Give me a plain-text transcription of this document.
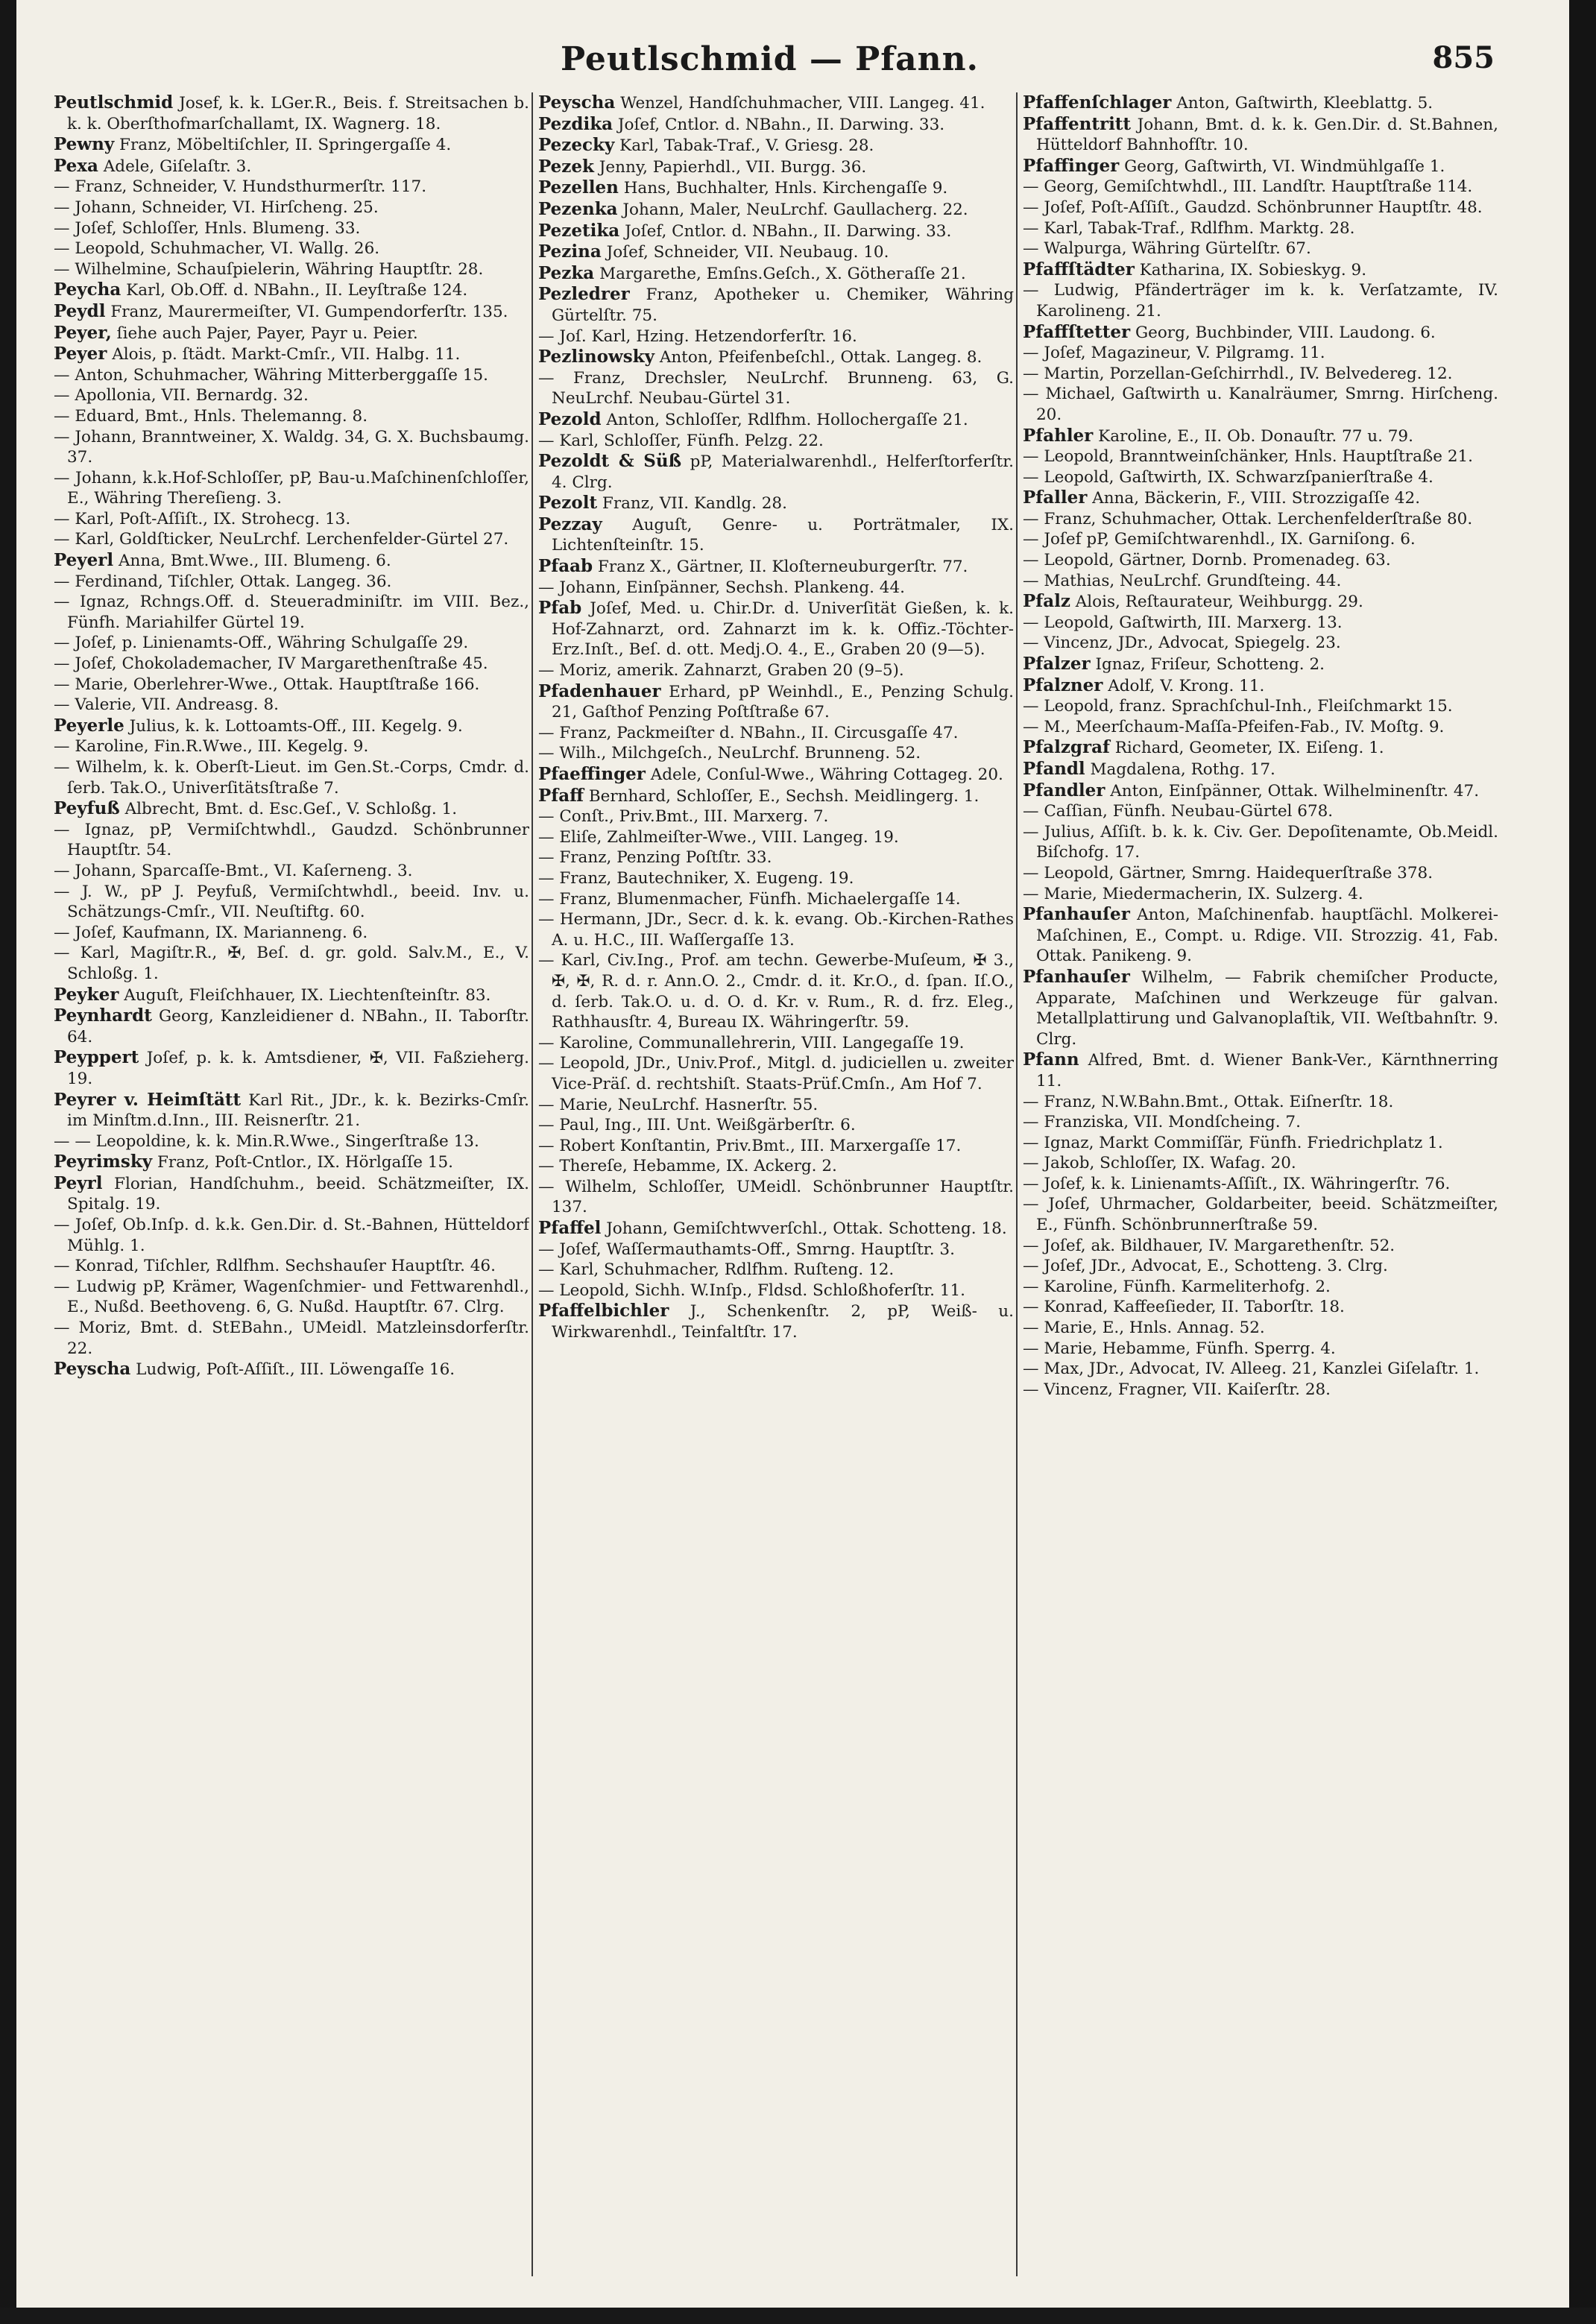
Peutlschmid — Pfann.	855

Peutlschmid Josef, k. k. LGer.R., Beis. f. Streitsachen b. k. k. Oberſthofmarſchallamt, IX. Wagnerg. 18.

Pewny Franz, Möbeltiſchler, II. Springergaſſe 4.

Pexa Adele, Giſelaſtr. 3.

— Franz, Schneider, V. Hundsthurmerſtr. 117.

— Johann, Schneider, VI. Hirſcheng. 25.

— Joſef, Schloſſer, Hnls. Blumeng. 33.

— Leopold, Schuhmacher, VI. Wallg. 26.

— Wilhelmine, Schauſpielerin, Währing Hauptſtr. 28.

Peycha Karl, Ob.Off. d. NBahn., II. Leyſtraße 124.

Peydl Franz, Maurermeiſter, VI. Gumpendorferſtr. 135.

Peyer, ſiehe auch Pajer, Payer, Payr u. Peier.

Peyer Alois, p. ſtädt. Markt-Cmſr., VII. Halbg. 11.

— Anton, Schuhmacher, Währing Mitterberggaſſe 15.

— Apollonia, VII. Bernardg. 32.

— Eduard, Bmt., Hnls. Thelemanng. 8.

— Johann, Branntweiner, X. Waldg. 34, G. X. Buchsbaumg. 37.

— Johann, k.k.Hof-Schloſſer, pP, Bau-u.Maſchinenſchloſſer, E., Währing Thereſieng. 3.

— Karl, Poſt-Aſſiſt., IX. Strohecg. 13.

— Karl, Goldſticker, NeuLrchf. Lerchenfelder-Gürtel 27.

Peyerl Anna, Bmt.Wwe., III. Blumeng. 6.

— Ferdinand, Tiſchler, Ottak. Langeg. 36.

— Ignaz, Rchngs.Off. d. Steueradminiſtr. im VIII. Bez., Fünfh. Mariahilfer Gürtel 19.

— Joſef, p. Linienamts-Off., Währing Schulgaſſe 29.

— Joſef, Chokolademacher, IV Margarethenſtraße 45.

— Marie, Oberlehrer-Wwe., Ottak. Hauptſtraße 166.

— Valerie, VII. Andreasg. 8.

Peyerle Julius, k. k. Lottoamts-Off., III. Kegelg. 9.

— Karoline, Fin.R.Wwe., III. Kegelg. 9.

— Wilhelm, k. k. Oberſt-Lieut. im Gen.St.-Corps, Cmdr. d. ſerb. Tak.O., Univerſitätsſtraße 7.

Peyfuß Albrecht, Bmt. d. Esc.Geſ., V. Schloßg. 1.

— Ignaz, pP, Vermiſchtwhdl., Gaudzd. Schönbrunner Hauptſtr. 54.

— Johann, Sparcaſſe-Bmt., VI. Kaſerneng. 3.

— J. W., pP J. Peyfuß, Vermiſchtwhdl., beeid. Inv. u. Schätzungs-Cmſr., VII. Neuſtiftg. 60.

— Joſef, Kaufmann, IX. Mariannеng. 6.

— Karl, Magiſtr.R., ✠, Beſ. d. gr. gold. Salv.M., E., V. Schloßg. 1.

Peyker Auguſt, Fleiſchhauer, IX. Liechtenſteinſtr. 83.

Peynhardt Georg, Kanzleidiener d. NBahn., II. Taborſtr. 64.

Peyppert Joſef, p. k. k. Amtsdiener, ✠, VII. Faßziehеrg. 19.

Peyrer v. Heimſtätt Karl Rit., JDr., k. k. Bezirks-Cmſr. im Minſtm.d.Inn., III. Reisnerſtr. 21.

— — Leopoldine, k. k. Min.R.Wwe., Singerſtraße 13.

Peyrimsky Franz, Poſt-Cntlor., IX. Hörlgaſſe 15.

Peyrl Florian, Handſchuhm., beeid. Schätzmeiſter, IX. Spitalg. 19.

— Joſef, Ob.Inſp. d. k.k. Gen.Dir. d. St.-Bahnen, Hütteldorf Mühlg. 1.

— Konrad, Tiſchler, Rdlfhm. Sechshauſer Hauptſtr. 46.

— Ludwig pP, Krämer, Wagenſchmier- und Fettwarenhdl., E., Nußd. Beethoveng. 6, G. Nußd. Hauptſtr. 67. Clrg.

— Moriz, Bmt. d. StEBahn., UMeidl. Matzleinsdorferſtr. 22.

Peyscha Ludwig, Poſt-Aſſiſt., III. Löwengaſſe 16.

Peyscha Wenzel, Handſchuhmacher, VIII. Langeg. 41.

Pezdika Joſef, Cntlor. d. NBahn., II. Darwing. 33.

Pezecky Karl, Tabak-Traf., V. Griesg. 28.

Pezek Jenny, Papierhdl., VII. Burgg. 36.

Pezellen Hans, Buchhalter, Hnls. Kirchengaſſe 9.

Pezenka Johann, Maler, NeuLrchf. Gaullacherg. 22.

Pezetika Joſef, Cntlor. d. NBahn., II. Darwing. 33.

Pezina Joſef, Schneider, VII. Neubaug. 10.

Pezka Margarethe, Emſns.Geſch., X. Götheгaſſe 21.

Pezledrer Franz, Apotheker u. Chemiker, Währing Gürtelſtr. 75.

— Joſ. Karl, Hzing. Hetzendorferſtr. 16.

Pezlinowsky Anton, Pfeifenbeſchl., Ottak. Langeg. 8.

— Franz, Drechsler, NeuLrchf. Brunneng. 63, G. NeuLrchf. Neubau-Gürtel 31.

Pezold Anton, Schloſſer, Rdlfhm. Hollochergaſſe 21.

— Karl, Schloſſer, Fünfh. Pelzg. 22.

Pezoldt & Süß pP, Materialwarenhdl., Helferſtorferſtr. 4. Clrg.

Pezolt Franz, VII. Kandlg. 28.

Pezzay Auguſt, Genre- u. Porträtmaler, IX. Lichtenſteinſtr. 15.

Pfaab Franz X., Gärtner, II. Kloſterneuburgerſtr. 77.

— Johann, Einſpänner, Sechsh. Plankeng. 44.

Pfab Joſef, Med. u. Chir.Dr. d. Univerſität Gießen, k. k. Hof-Zahnarzt, ord. Zahnarzt im k. k. Offiz.-Töchter-Erz.Inſt., Beſ. d. ott. Medj.O. 4., E., Graben 20 (9—5).

— Moriz, amerik. Zahnarzt, Graben 20 (9–5).

Pfadenhauer Erhard, pP Weinhdl., E., Penzing Schulg. 21, Gaſthof Penzing Poſtſtraße 67.

— Franz, Packmeiſter d. NBahn., II. Circusgaſſe 47.

— Wilh., Milchgeſch., NeuLrchf. Brunneng. 52.

Pfaeffinger Adele, Conſul-Wwe., Währing Cottageg. 20.

Pfaff Bernhard, Schloſſer, E., Sechsh. Meidlingerg. 1.

— Conſt., Priv.Bmt., III. Marxerg. 7.

— Eliſe, Zahlmeiſter-Wwe., VIII. Langeg. 19.

— Franz, Penzing Poſtſtr. 33.

— Franz, Bautechniker, X. Eugeng. 19.

— Franz, Blumenmacher, Fünfh. Michaelergaſſe 14.

— Hermann, JDr., Secr. d. k. k. evang. Ob.-Kirchen-Rathes A. u. H.C., III. Waſſergaſſe 13.

— Karl, Civ.Ing., Prof. am techn. Gewerbe-Muſeum, ✠ 3., ✠, ✠, R. d. r. Ann.O. 2., Cmdr. d. it. Kr.O., d. ſpan. Iſ.O., d. ſerb. Tak.O. u. d. O. d. Kr. v. Rum., R. d. frz. Eleg., Rathhausſtr. 4, Bureau IX. Währingerſtr. 59.

— Karoline, Communallehrerin, VIII. Langegaſſe 19.

— Leopold, JDr., Univ.Prof., Mitgl. d. judiciellen u. zweiter Vice-Präſ. d. rechtshiſt. Staats-Prüf.Cmſn., Am Hof 7.

— Marie, NeuLrchf. Hasnerſtr. 55.

— Paul, Ing., III. Unt. Weißgärberſtr. 6.

— Robert Konſtantin, Priv.Bmt., III. Marxergaſſe 17.

— Thereſe, Hebamme, IX. Ackerg. 2.

— Wilhelm, Schloſſer, UMeidl. Schönbrunner Hauptſtr. 137.

Pfaffel Johann, Gemiſchtwverſchl., Ottak. Schotteng. 18.

— Joſef, Waſſermauthamts-Off., Smrng. Hauptſtr. 3.

— Karl, Schuhmacher, Rdlfhm. Ruſteng. 12.

— Leopold, Sichh. W.Inſp., Fldsd. Schloßhoferſtr. 11.

Pfaffelbichler J., Schenkenſtr. 2, pP, Weiß- u. Wirkwarenhdl., Teinfaltſtr. 17.

Pfaffenſchlager Anton, Gaſtwirth, Kleeblattg. 5.

Pfaffentritt Johann, Bmt. d. k. k. Gen.Dir. d. St.Bahnen, Hütteldorf Bahnhofſtr. 10.

Pfaffinger Georg, Gaſtwirth, VI. Windmühlgaſſe 1.

— Georg, Gemiſchtwhdl., III. Landſtr. Hauptſtraße 114.

— Joſef, Poſt-Aſſiſt., Gaudzd. Schönbrunner Hauptſtr. 48.

— Karl, Tabak-Traf., Rdlfhm. Marktg. 28.

— Walpurga, Währing Gürtelſtr. 67.

Pfaffſtädter Katharina, IX. Sobieskyg. 9.

— Ludwig, Pfänderträger im k. k. Verſatzamte, IV. Karolineng. 21.

Pfaffſtetter Georg, Buchbinder, VIII. Laudong. 6.

— Joſef, Magazineur, V. Pilgramg. 11.

— Martin, Porzellan-Geſchirrhdl., IV. Belvedereg. 12.

— Michael, Gaſtwirth u. Kanalräumer, Smrng. Hirſcheng. 20.

Pfahler Karoline, E., II. Ob. Donauſtr. 77 u. 79.

— Leopold, Branntweinſchänker, Hnls. Hauptſtraße 21.

— Leopold, Gaſtwirth, IX. Schwarzſpanierſtraße 4.

Pfaller Anna, Bäckerin, F., VIII. Strozzigaſſe 42.

— Franz, Schuhmacher, Ottak. Lerchenfelderſtraße 80.

— Joſef pP, Gemiſchtwarenhdl., IX. Garniſong. 6.

— Leopold, Gärtner, Dornb. Promenadeg. 63.

— Mathias, NeuLrchf. Grundſteing. 44.

Pfalz Alois, Reſtaurateur, Weihburgg. 29.

— Leopold, Gaſtwirth, III. Marxerg. 13.

— Vincenz, JDr., Advocat, Spiegelg. 23.

Pfalzer Ignaz, Friſeur, Schotteng. 2.

Pfalzner Adolf, V. Krong. 11.

— Leopold, franz. Sprachſchul-Inh., Fleiſchmarkt 15.

— M., Meerſchaum-Maſſa-Pfeifen-Fab., IV. Moſtg. 9.

Pfalzgraf Richard, Geometer, IX. Eiſeng. 1.

Pfandl Magdalena, Rothg. 17.

Pfandler Anton, Einſpänner, Ottak. Wilhelminenſtr. 47.

— Caſſian, Fünfh. Neubau-Gürtel 678.

— Julius, Aſſiſt. b. k. k. Civ. Ger. Depoſitenamte, Ob.Meidl. Biſchofg. 17.

— Leopold, Gärtner, Smrng. Haidequerſtraße 378.

— Marie, Miedermacherin, IX. Sulzerg. 4.

Pfanhauſer Anton, Maſchinenfab. hauptſächl. Molkerei-Maſchinen, E., Compt. u. Rdige. VII. Strozzig. 41, Fab. Ottak. Panikeng. 9.

Pfanhauſer Wilhelm, — Fabrik chemiſcher Producte, Apparate, Maſchinen und Werkzeuge für galvan. Metallplattirung und Galvanoplaſtik, VII. Weſtbahnſtr. 9. Clrg.

Pfann Alfred, Bmt. d. Wiener Bank-Ver., Kärnthnerring 11.

— Franz, N.W.Bahn.Bmt., Ottak. Eiſnerſtr. 18.

— Franziska, VII. Mondſcheing. 7.

— Ignaz, Markt Commiſſär, Fünfh. Friedrichplatz 1.

— Jakob, Schloſſer, IX. Wafag. 20.

— Joſef, k. k. Linienamts-Aſſiſt., IX. Währingerſtr. 76.

— Joſef, Uhrmacher, Goldarbeiter, beeid. Schätzmeiſter, E., Fünfh. Schönbrunnerſtraße 59.

— Joſef, ak. Bildhauer, IV. Margarethenſtr. 52.

— Joſef, JDr., Advocat, E., Schotteng. 3. Clrg.

— Karoline, Fünfh. Karmeliterhofg. 2.

— Konrad, Kaffeeſieder, II. Taborſtr. 18.

— Marie, E., Hnls. Annag. 52.

— Marie, Hebamme, Fünfh. Sperrg. 4.

— Max, JDr., Advocat, IV. Alleeg. 21, Kanzlei Giſelaſtr. 1.

— Vincenz, Fragner, VII. Kaiſerſtr. 28.
